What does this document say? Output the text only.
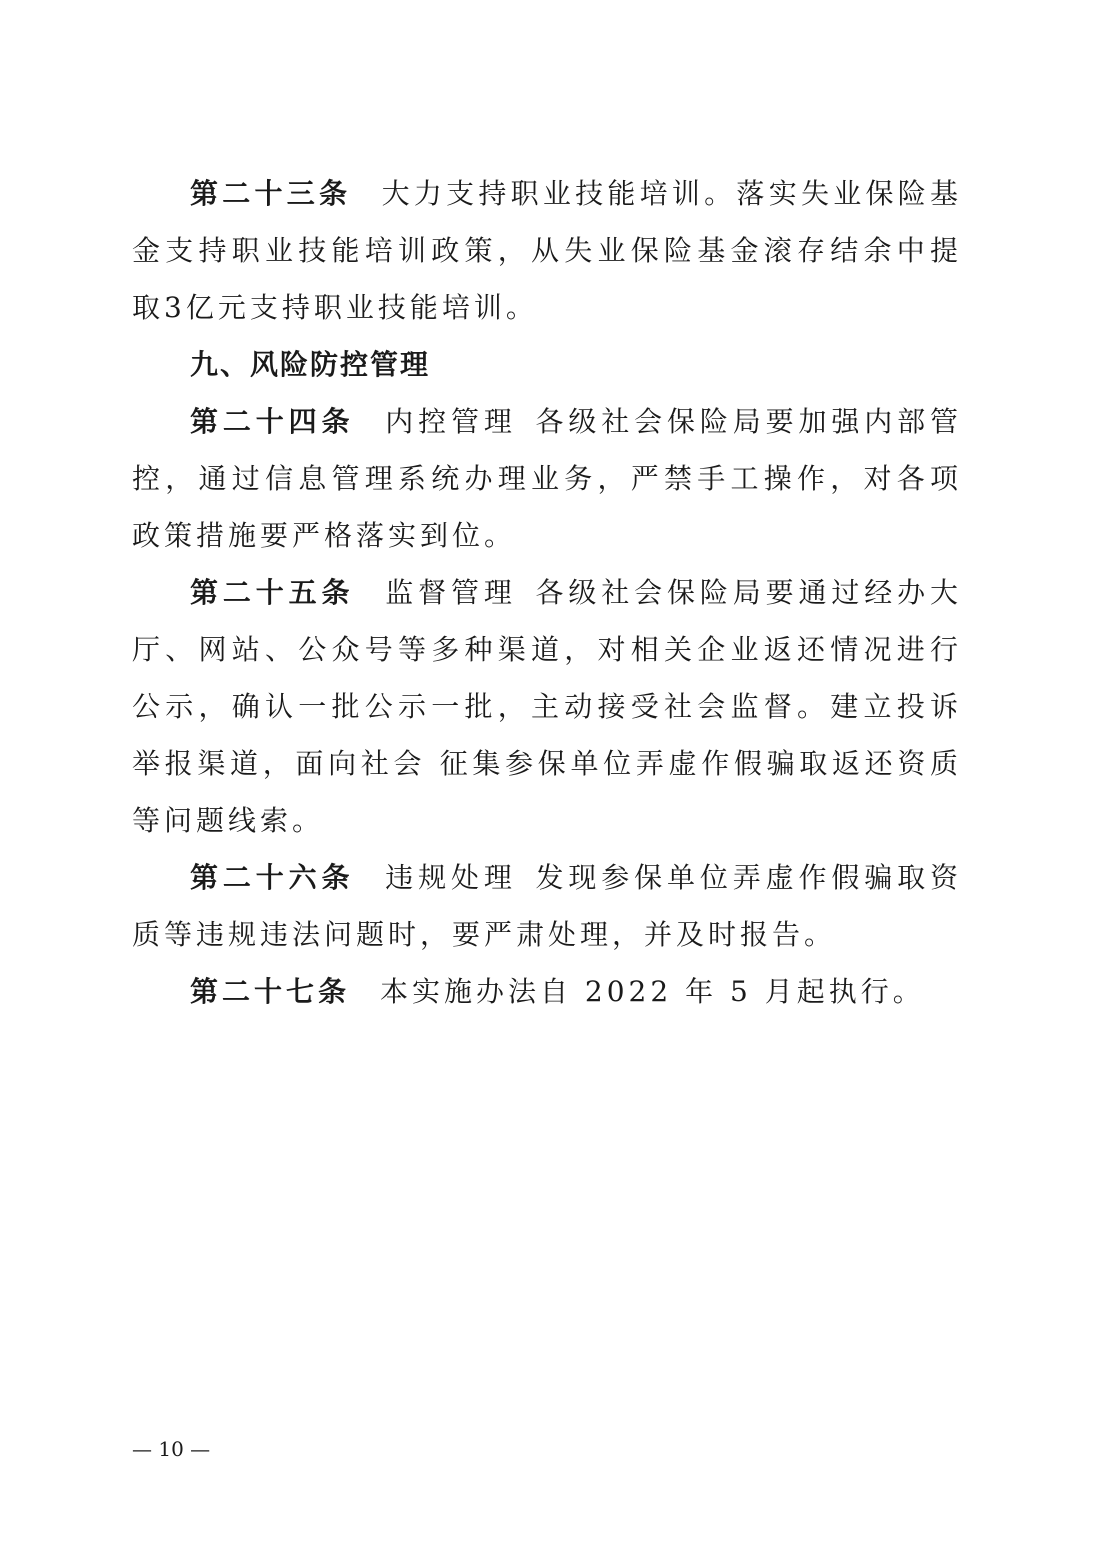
第二十三条 大力支持职业技能培训。落实失业保险基金支持职业技能培训政策，从失业保险基金滚存结余中提取3亿元支持职业技能培训。

九、风险防控管理

第二十四条 内控管理 各级社会保险局要加强内部管控，通过信息管理系统办理业务，严禁手工操作，对各项政策措施要严格落实到位。

第二十五条 监督管理 各级社会保险局要通过经办大厅、网站、公众号等多种渠道，对相关企业返还情况进行公示，确认一批公示一批，主动接受社会监督。建立投诉举报渠道，面向社会 征集参保单位弄虚作假骗取返还资质等问题线索。

第二十六条 违规处理 发现参保单位弄虚作假骗取资质等违规违法问题时，要严肃处理，并及时报告。

第二十七条 本实施办法自 2022 年 5 月起执行。

— 10 —
